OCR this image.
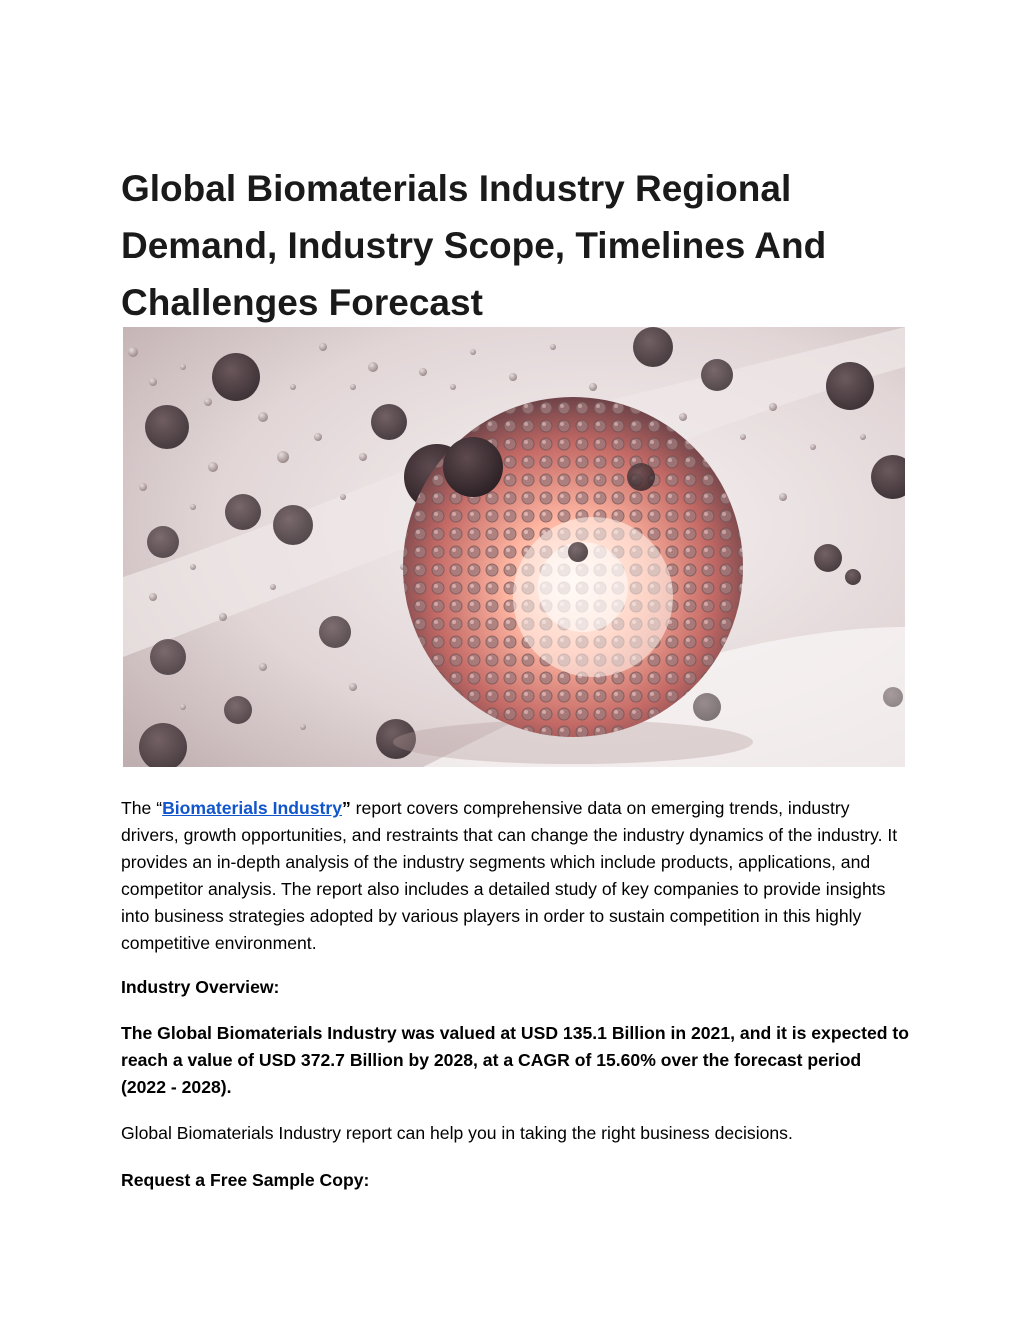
Global Biomaterials Industry Regional Demand, Industry Scope, Timelines And Challenges Forecast

The “Biomaterials Industry” report covers comprehensive data on emerging trends, industry drivers, growth opportunities, and restraints that can change the industry dynamics of the industry. It provides an in-depth analysis of the industry segments which include products, applications, and competitor analysis. The report also includes a detailed study of key companies to provide insights into business strategies adopted by various players in order to sustain competition in this highly competitive environment.

Industry Overview:

The Global Biomaterials Industry was valued at USD 135.1 Billion in 2021, and it is expected to reach a value of USD 372.7 Billion by 2028, at a CAGR of 15.60% over the forecast period (2022 - 2028).

Global Biomaterials Industry report can help you in taking the right business decisions.

Request a Free Sample Copy:
